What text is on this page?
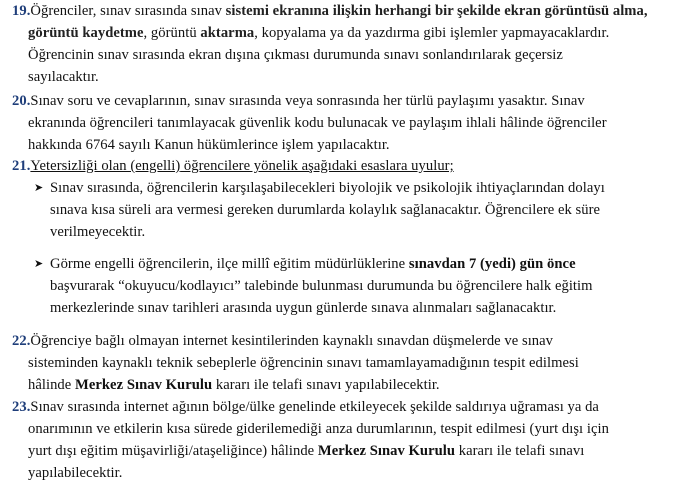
19.Öğrenciler, sınav sırasında sınav sistemi ekranına ilişkin herhangi bir şekilde ekran görüntüsü alma,
görüntü kaydetme, görüntü aktarma, kopyalama ya da yazdırma gibi işlemler yapmayacaklardır.
Öğrencinin sınav sırasında ekran dışına çıkması durumunda sınavı sonlandırılarak geçersiz
sayılacaktır.
20.Sınav soru ve cevaplarının, sınav sırasında veya sonrasında her türlü paylaşımı yasaktır. Sınav
ekranında öğrencileri tanımlayacak güvenlik kodu bulunacak ve paylaşım ihlali hâlinde öğrenciler
hakkında 6764 sayılı Kanun hükümlerince işlem yapılacaktır.
21.Yetersizliği olan (engelli) öğrencilere yönelik aşağıdaki esaslara uyulur;
➤ Sınav sırasında, öğrencilerin karşılaşabilecekleri biyolojik ve psikolojik ihtiyaçlarından dolayı
sınava kısa süreli ara vermesi gereken durumlarda kolaylık sağlanacaktır. Öğrencilere ek süre
verilmeyecektir.
➤ Görme engelli öğrencilerin, ilçe millî eğitim müdürlüklerine sınavdan 7 (yedi) gün önce
başvurarak “okuyucu/kodlayıcı” talebinde bulunması durumunda bu öğrencilere halk eğitim
merkezlerinde sınav tarihleri arasında uygun günlerde sınava alınmaları sağlanacaktır.
22.Öğrenciye bağlı olmayan internet kesintilerinden kaynaklı sınavdan düşmelerde ve sınav
sisteminden kaynaklı teknik sebeplerle öğrencinin sınavı tamamlayamadığının tespit edilmesi
hâlinde Merkez Sınav Kurulu kararı ile telafi sınavı yapılabilecektir.
23.Sınav sırasında internet ağının bölge/ülke genelinde etkileyecek şekilde saldırıya uğraması ya da
onarımının ve etkilerin kısa sürede giderilemediği anza durumlarının, tespit edilmesi (yurt dışı için
yurt dışı eğitim müşavirliği/ataşeliğince) hâlinde Merkez Sınav Kurulu kararı ile telafi sınavı
yapılabilecektir.
